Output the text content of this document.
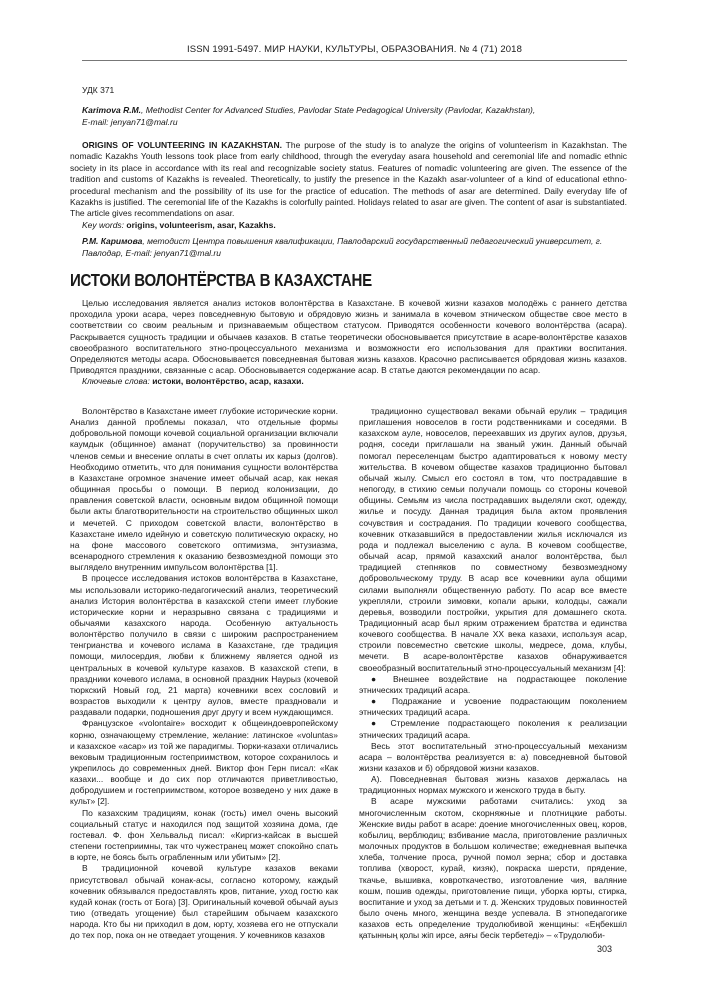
ISSN 1991-5497. МИР НАУКИ, КУЛЬТУРЫ, ОБРАЗОВАНИЯ. № 4 (71) 2018
УДК 371
Karimova R.M., Methodist Center for Advanced Studies, Pavlodar State Pedagogical University (Pavlodar, Kazakhstan),
E-mail: jenyan71@mal.ru

ORIGINS OF VOLUNTEERING IN KAZAKHSTAN. The purpose of the study is to analyze the origins of volunteerism in Kazakhstan. The nomadic Kazakhs Youth lessons took place from early childhood, through the everyday asara household and ceremonial life and nomadic ethnic society in its place in accordance with its real and recognizable society status. Features of nomadic volunteering are given. The essence of the tradition and customs of Kazakhs is revealed. Theoretically, to justify the presence in the Kazakh asar-volunteer of a kind of educational ethno-procedural mechanism and the possibility of its use for the practice of education. The methods of asar are determined. Daily everyday life of Kazakhs is justified. The ceremonial life of the Kazakhs is colorfully painted. Holidays related to asar are given. The content of asar is substantiated. The article gives recommendations on asar.

Key words: origins, volunteerism, asar, Kazakhs.

Р.М. Каримова, методист Центра повышения квалификации, Павлодарский государственный педагогический университет, г. Павлодар, E-mail: jenyan71@mal.ru
ИСТОКИ ВОЛОНТЁРСТВА В КАЗАХСТАНЕ

Целью исследования является анализ истоков волонтёрства в Казахстане. В кочевой жизни казахов молодёжь с раннего детства проходила уроки асара, через повседневную бытовую и обрядовую жизнь и занимала в кочевом этническом обществе свое место в соответствии со своим реальным и признаваемым обществом статусом. Приводятся особенности кочевого волонтёрства (асара). Раскрывается сущность традиции и обычаев казахов. В статье теоретически обосновывается присутствие в асаре-волонтёрстве казахов своеобразного воспитательного этно-процессуального механизма и возможности его использования для практики воспитания. Определяются методы асара. Обосновывается повседневная бытовая жизнь казахов. Красочно расписывается обрядовая жизнь казахов. Приводятся праздники, связанные с асар. Обосновывается содержание асар. В статье даются рекомендации по асар.

Ключевые слова: истоки, волонтёрство, асар, казахи.

Волонтёрство в Казахстане имеет глубокие исторические корни. Анализ данной проблемы показал, что отдельные формы добровольной помощи кочевой социальной организации включали каумдык (общинное) аманат (поручительство) за провинности членов семьи и внесение оплаты в счет оплаты их карыз (долгов). Необходимо отметить, что для понимания сущности волонтёрства в Казахстане огромное значение имеет обычай асар, как некая общинная просьбы о помощи. В период колонизации, до правления советской власти, основным видом общинной помощи были акты благотворительности на строительство общинных школ и мечетей. С приходом советской власти, волонтёрство в Казахстане имело идейную и советскую политическую окраску, но на фоне массового советского оптимизма, энтузиазма, всенародного стремления к оказанию безвозмездной помощи это выглядело внутренним импульсом волонтёрства [1].

В процессе исследования истоков волонтёрства в Казахстане, мы использовали историко-педагогический анализ, теоретический анализ История волонтёрства в казахской степи имеет глубокие исторические корни и неразрывно связана с традициями и обычаями казахского народа. Особенную актуальность волонтёрство получило в связи с широким распространением тенгрианства и кочевого ислама в Казахстане, где традиция помощи, милосердия, любви к ближнему является одной из центральных в кочевой культуре казахов. В казахской степи, в праздники кочевого ислама, в основной праздник Наурыз (кочевой тюркский Новый год, 21 марта) кочевники всех сословий и возрастов выходили к центру аулов, вместе праздновали и раздавали подарки, подношения друг другу и всем нуждающимся.

Французское «volontaire» восходит к общеиндоевропейскому корню, означающему стремление, желание: латинское «voluntas» и казахское «асар» из той же парадигмы. Тюрки-казахи отличались вековым традиционным гостеприимством, которое сохранилось и укрепилось до современных дней. Виктор фон Герн писал: «Как казахи... вообще и до сих пор отличаются приветливостью, добродушием и гостеприимством, которое возведено у них даже в культ» [2].

По казахским традициям, конак (гость) имел очень высокий социальный статус и находился под защитой хозяина дома, где гостевал. Ф. фон Хельвальд писал: «Киргиз-кайсак в высшей степени гостеприимны, так что чужестранец может спокойно спать в юрте, не боясь быть ограбленным или убитым» [2].

В традиционной кочевой культуре казахов веками присутствовал обычай конак-асы, согласно которому, каждый кочевник обязывался предоставлять кров, питание, уход гостю как кудай конак (гость от Бога) [3]. Оригинальный кочевой обычай ауыз тию (отведать угощение) был старейшим обычаем казахского народа. Кто бы ни приходил в дом, юрту, хозяева его не отпускали до тех пор, пока он не отведает угощения. У кочевников казахов

традиционно существовал веками обычай ерулик – традиция приглашения новоселов в гости родственниками и соседями. В казахском ауле, новоселов, переехавших из других аулов, друзья, родня, соседи приглашали на званый ужин. Данный обычай помогал переселенцам быстро адаптироваться к новому месту жительства. В кочевом обществе казахов традиционно бытовал обычай жылу. Смысл его состоял в том, что пострадавшие в непогоду, в стихию семьи получали помощь со стороны кочевой общины. Семьям из числа пострадавших выделяли скот, одежду, жилье и посуду. Данная традиция была актом проявления сочувствия и сострадания. По традиции кочевого сообщества, кочевник отказавшийся в предоставлении жилья исключался из рода и подлежал выселению с аула. В кочевом сообществе, обычай асар, прямой казахский аналог волонтёрства, был традицией степняков по совместному безвозмездному добровольческому труду. В асар все кочевники аула общими силами выполняли общественную работу. По асар все вместе укрепляли, строили зимовки, копали арыки, колодцы, сажали деревья, возводили постройки, укрытия для домашнего скота. Традиционный асар был ярким отражением братства и единства кочевого сообщества. В начале XX века казахи, используя асар, строили повсеместно светские школы, медресе, дома, клубы, мечети. В асаре-волонтёрстве казахов обнаруживается своеобразный воспитательный этно-процессуальный механизм [4]:

● Внешнее воздействие на подрастающее поколение этнических традиций асара.

● Подражание и усвоение подрастающим поколением этнических традиций асара.

● Стремление подрастающего поколения к реализации этнических традиций асара.

Весь этот воспитательный этно-процессуальный механизм асара – волонтёрства реализуется в: а) повседневной бытовой жизни казахов и б) обрядовой жизни казахов.

А). Повседневная бытовая жизнь казахов держалась на традиционных нормах мужского и женского труда в быту.

В асаре мужскими работами считались: уход за многочисленным скотом, скорняжные и плотницкие работы. Женские виды работ в асаре: доение многочисленных овец, коров, кобылиц, верблюдиц; взбивание масла, приготовление различных молочных продуктов в большом количестве; ежедневная выпечка хлеба, толчение проса, ручной помол зерна; сбор и доставка топлива (хворост, курай, кизяк), покраска шерсти, прядение, ткачье, вышивка, ковроткачество, изготовление чия, валяние кошм, пошив одежды, приготовление пищи, уборка юрты, стирка, воспитание и уход за детьми и т. д. Женских трудовых повинностей было очень много, женщина везде успевала. В этнопедагогике казахов есть определение трудолюбивой женщины: «Еңбекшіл қатынның қолы жіп ирсе, аяғы бесік тербетеді» – «Трудолюби-

303
